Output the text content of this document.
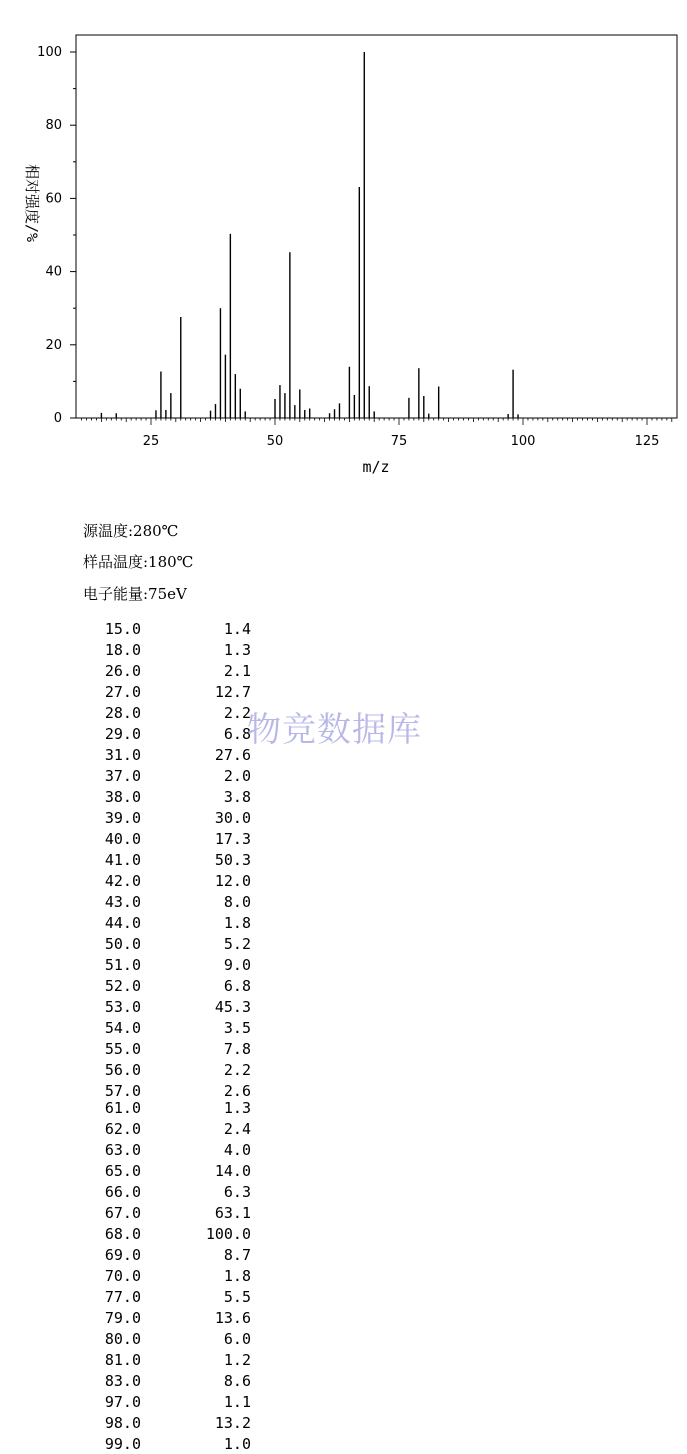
0
20
40
60
80
100
25	50	75	100	125
m/z
相对强度/%
源温度:280℃
样品温度:180℃
电子能量:75eV
15.0	1.4
18.0	1.3
26.0	2.1
27.0	12.7
28.0	2.2
29.0	6.8
31.0	27.6
37.0	2.0
38.0	3.8
39.0	30.0
40.0	17.3
41.0	50.3
42.0	12.0
43.0	8.0
44.0	1.8
50.0	5.2
51.0	9.0
52.0	6.8
53.0	45.3
54.0	3.5
55.0	7.8
56.0	2.2
57.0	2.6
61.0	1.3
62.0	2.4
63.0	4.0
65.0	14.0
66.0	6.3
67.0	63.1
68.0	100.0
69.0	8.7
70.0	1.8
77.0	5.5
79.0	13.6
80.0	6.0
81.0	1.2
83.0	8.6
97.0	1.1
98.0	13.2
99.0	1.0
物竞数据库
